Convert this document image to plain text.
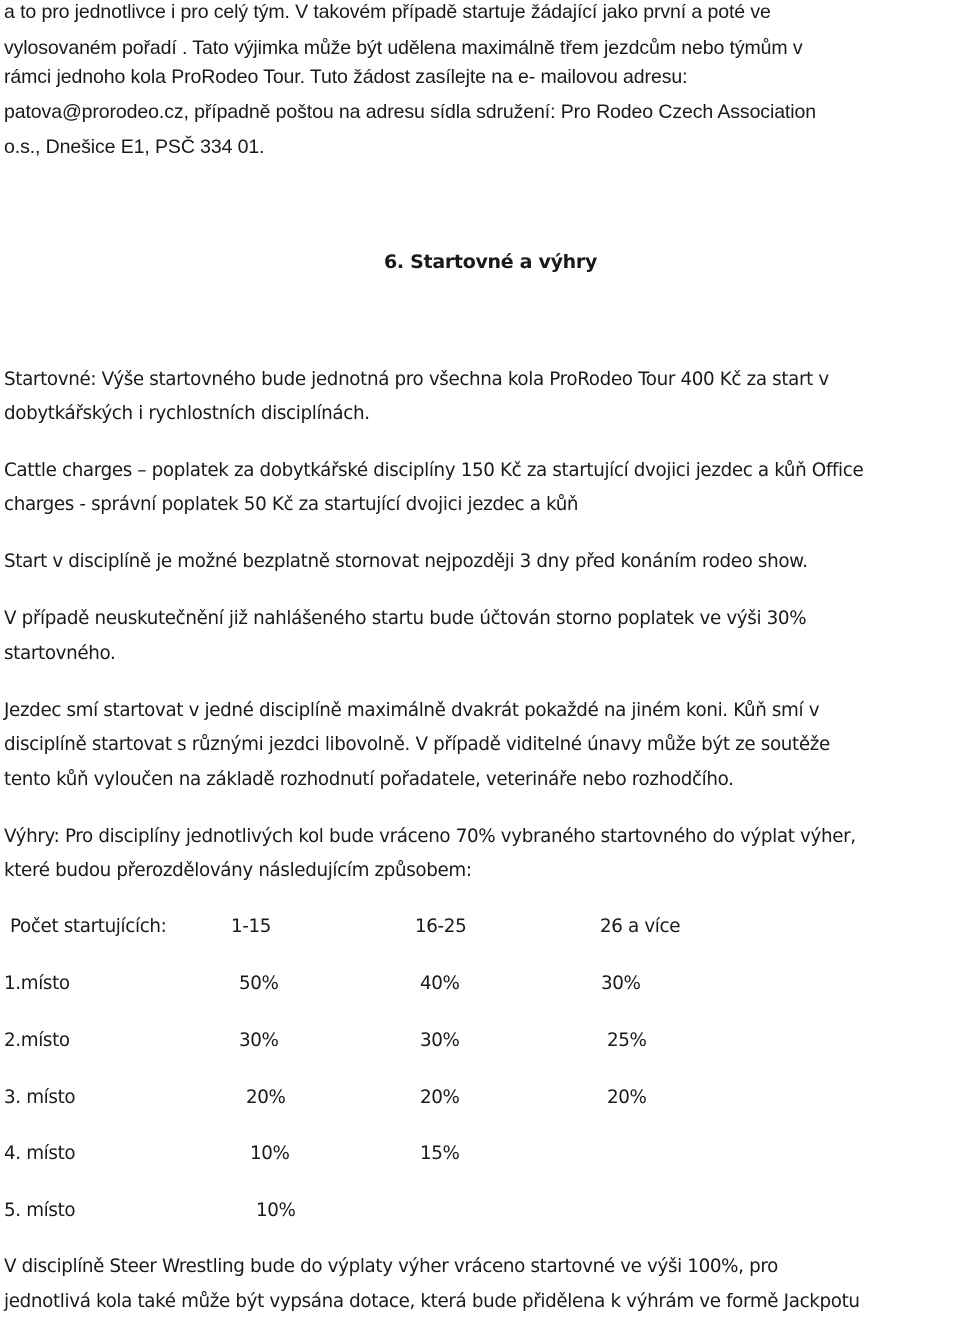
a to pro jednotlivce i pro celý tým. V takovém případě startuje žádající jako první a poté ve
vylosovaném pořadí . Tato výjimka může být udělena maximálně třem jezdcům nebo týmům v
rámci jednoho kola ProRodeo Tour. Tuto žádost zasílejte na e- mailovou adresu:
patova@prorodeo.cz, případně poštou na adresu sídla sdružení: Pro Rodeo Czech Association
o.s., Dnešice E1, PSČ 334 01.
6. Startovné a výhry
Startovné: Výše startovného bude jednotná pro všechna kola ProRodeo Tour 400 Kč za start v
dobytkářských i rychlostních disciplínách.
Cattle charges – poplatek za dobytkářské disciplíny 150 Kč za startující dvojici jezdec a kůň Office
charges - správní poplatek 50 Kč za startující dvojici jezdec a kůň
Start v disciplíně je možné bezplatně stornovat nejpozději 3 dny před konáním rodeo show.
V případě neuskutečnění již nahlášeného startu bude účtován storno poplatek ve výši 30%
startovného.
Jezdec smí startovat v jedné disciplíně maximálně dvakrát pokaždé na jiném koni. Kůň smí v
disciplíně startovat s různými jezdci libovolně. V případě viditelné únavy může být ze soutěže
tento kůň vyloučen na základě rozhodnutí pořadatele, veterináře nebo rozhodčího.
Výhry: Pro disciplíny jednotlivých kol bude vráceno 70% vybraného startovného do výplat výher,
které budou přerozdělovány následujícím způsobem:
Počet startujících:	1-15	16-25	26 a více
1.místo	50%	40%	30%
2.místo	30%	30%	25%
3. místo	20%	20%	20%
4. místo	10%	15%
5. místo	10%
V disciplíně Steer Wrestling bude do výplaty výher vráceno startovné ve výši 100%, pro
jednotlivá kola také může být vypsána dotace, která bude přidělena k výhrám ve formě Jackpotu
